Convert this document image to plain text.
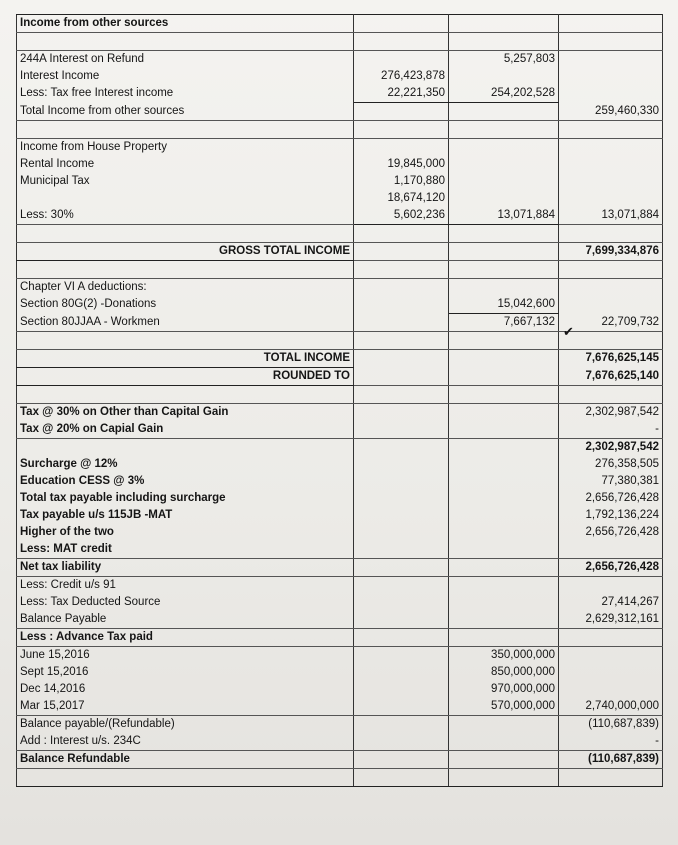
Income from other sources			

244A Interest on Refund		5,257,803	
Interest Income	276,423,878		
Less: Tax free Interest income	22,221,350	254,202,528	
Total Income from other sources			259,460,330

Income from House Property			
Rental Income	19,845,000		
Municipal Tax	1,170,880		
	18,674,120		
Less: 30%	5,602,236	13,071,884	13,071,884

GROSS TOTAL INCOME			7,699,334,876

Chapter VI A deductions:			
Section 80G(2) -Donations		15,042,600	
Section 80JJAA - Workmen		7,667,132	22,709,732

TOTAL INCOME			7,676,625,145
ROUNDED TO			7,676,625,140

Tax @ 30% on Other than Capital Gain			2,302,987,542
Tax @ 20% on Capial Gain			-
			2,302,987,542
Surcharge @ 12%			276,358,505
Education CESS @ 3%			77,380,381
Total tax payable including surcharge			2,656,726,428
Tax payable u/s 115JB -MAT			1,792,136,224
Higher of the two			2,656,726,428
Less: MAT credit			
Net tax liability			2,656,726,428
Less: Credit u/s 91			
Less: Tax Deducted Source			27,414,267
Balance Payable			2,629,312,161
Less : Advance Tax paid			
June 15,2016		350,000,000	
Sept 15,2016		850,000,000	
Dec 14,2016		970,000,000	
Mar 15,2017		570,000,000	2,740,000,000
Balance payable/(Refundable)			(110,687,839)
Add : Interest u/s. 234C			-
Balance Refundable			(110,687,839)

✔
